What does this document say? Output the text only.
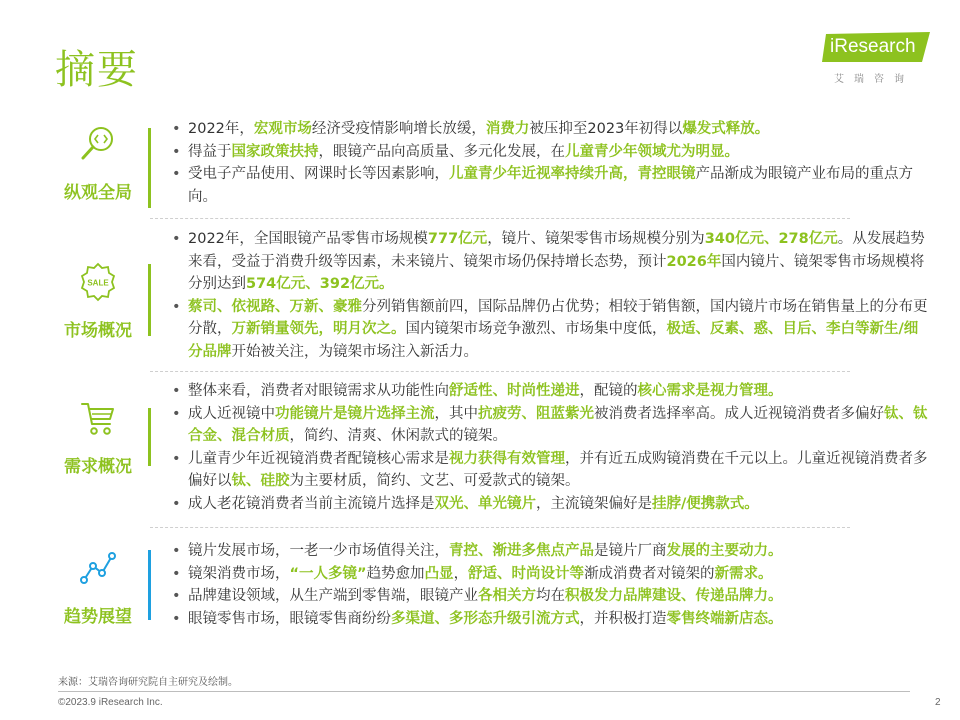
摘要
iResearch
艾瑞咨询
纵观全局
• 2022年，宏观市场经济受疫情影响增长放缓，消费力被压抑至2023年初得以爆发式释放。
• 得益于国家政策扶持，眼镜产品向高质量、多元化发展，在儿童青少年领域尤为明显。
• 受电子产品使用、网课时长等因素影响，儿童青少年近视率持续升高，青控眼镜产品渐成为眼镜产业布局的重点方向。
SALE
市场概况
• 2022年，全国眼镜产品零售市场规模777亿元，镜片、镜架零售市场规模分别为340亿元、278亿元。从发展趋势来看，受益于消费升级等因素，未来镜片、镜架市场仍保持增长态势，预计2026年国内镜片、镜架零售市场规模将分别达到574亿元、392亿元。
• 蔡司、依视路、万新、豪雅分列销售额前四，国际品牌仍占优势；相较于销售额，国内镜片市场在销售量上的分布更分散，万新销量领先，明月次之。国内镜架市场竞争激烈、市场集中度低，极适、反素、惑、目后、李白等新生/细分品牌开始被关注，为镜架市场注入新活力。
需求概况
• 整体来看，消费者对眼镜需求从功能性向舒适性、时尚性递进，配镜的核心需求是视力管理。
• 成人近视镜中功能镜片是镜片选择主流，其中抗疲劳、阻蓝紫光被消费者选择率高。成人近视镜消费者多偏好钛、钛合金、混合材质，简约、清爽、休闲款式的镜架。
• 儿童青少年近视镜消费者配镜核心需求是视力获得有效管理，并有近五成购镜消费在千元以上。儿童近视镜消费者多偏好以钛、硅胶为主要材质，简约、文艺、可爱款式的镜架。
• 成人老花镜消费者当前主流镜片选择是双光、单光镜片，主流镜架偏好是挂脖/便携款式。
趋势展望
• 镜片发展市场，一老一少市场值得关注，青控、渐进多焦点产品是镜片厂商发展的主要动力。
• 镜架消费市场，“一人多镜”趋势愈加凸显，舒适、时尚设计等渐成消费者对镜架的新需求。
• 品牌建设领域，从生产端到零售端，眼镜产业各相关方均在积极发力品牌建设、传递品牌力。
• 眼镜零售市场，眼镜零售商纷纷多渠道、多形态升级引流方式，并积极打造零售终端新店态。
来源：艾瑞咨询研究院自主研究及绘制。
©2023.9 iResearch Inc.	2
